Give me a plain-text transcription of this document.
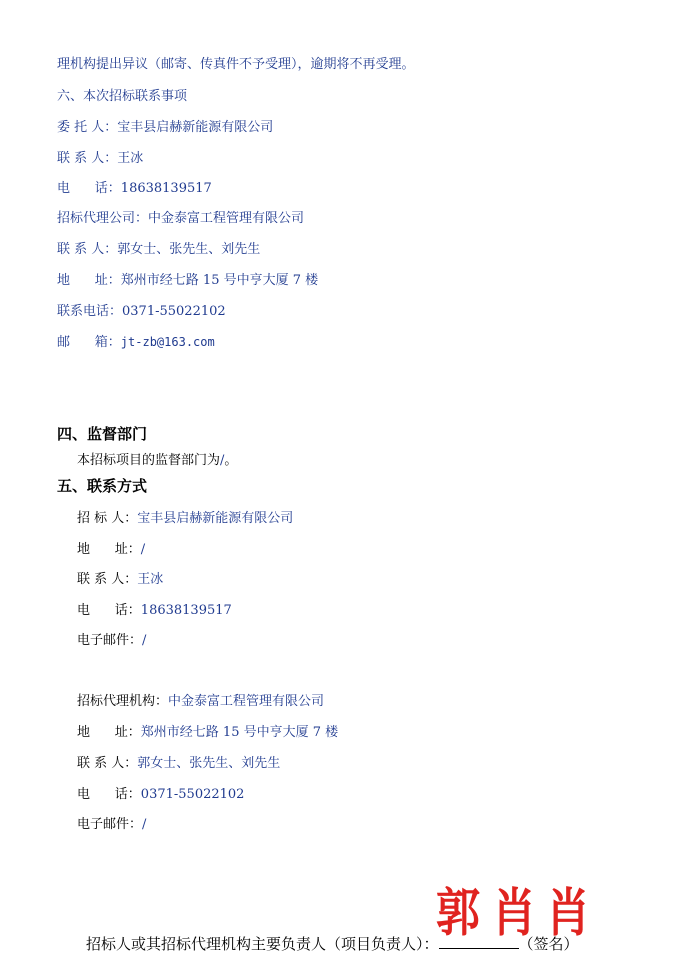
理机构提出异议（邮寄、传真件不予受理），逾期将不再受理。
六、本次招标联系事项
委 托 人：宝丰县启赫新能源有限公司
联 系 人：王冰
电      话：18638139517
招标代理公司：中金泰富工程管理有限公司
联 系 人：郭女士、张先生、刘先生
地      址：郑州市经七路 15 号中亨大厦 7 楼
联系电话：0371-55022102
邮      箱：jt-zb@163.com
四、监督部门
本招标项目的监督部门为/。
五、联系方式
招 标 人：宝丰县启赫新能源有限公司
地      址：/
联 系 人：王冰
电      话：18638139517
电子邮件：/
招标代理机构：中金泰富工程管理有限公司
地      址：郑州市经七路 15 号中亨大厦 7 楼
联 系 人：郭女士、张先生、刘先生
电      话：0371-55022102
电子邮件：/
郭 肖 肖
招标人或其招标代理机构主要负责人（项目负责人）：	（签名）
